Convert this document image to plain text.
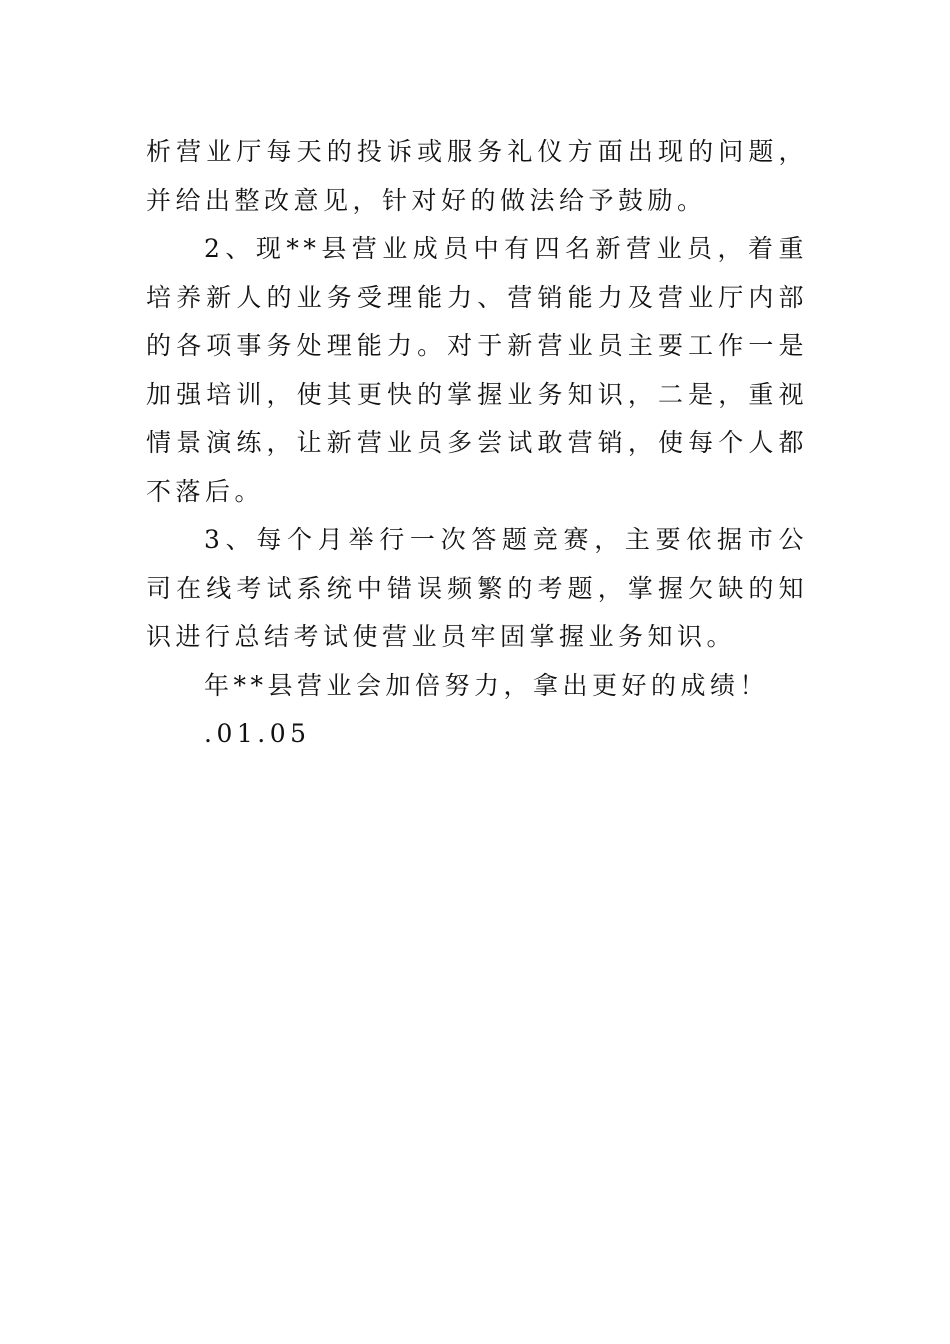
析营业厅每天的投诉或服务礼仪方面出现的问题，并给出整改意见，针对好的做法给予鼓励。

2、现**县营业成员中有四名新营业员，着重培养新人的业务受理能力、营销能力及营业厅内部的各项事务处理能力。对于新营业员主要工作一是加强培训，使其更快的掌握业务知识，二是，重视情景演练，让新营业员多尝试敢营销，使每个人都不落后。

3、每个月举行一次答题竞赛，主要依据市公司在线考试系统中错误频繁的考题，掌握欠缺的知识进行总结考试使营业员牢固掌握业务知识。

年**县营业会加倍努力，拿出更好的成绩！

.01.05
